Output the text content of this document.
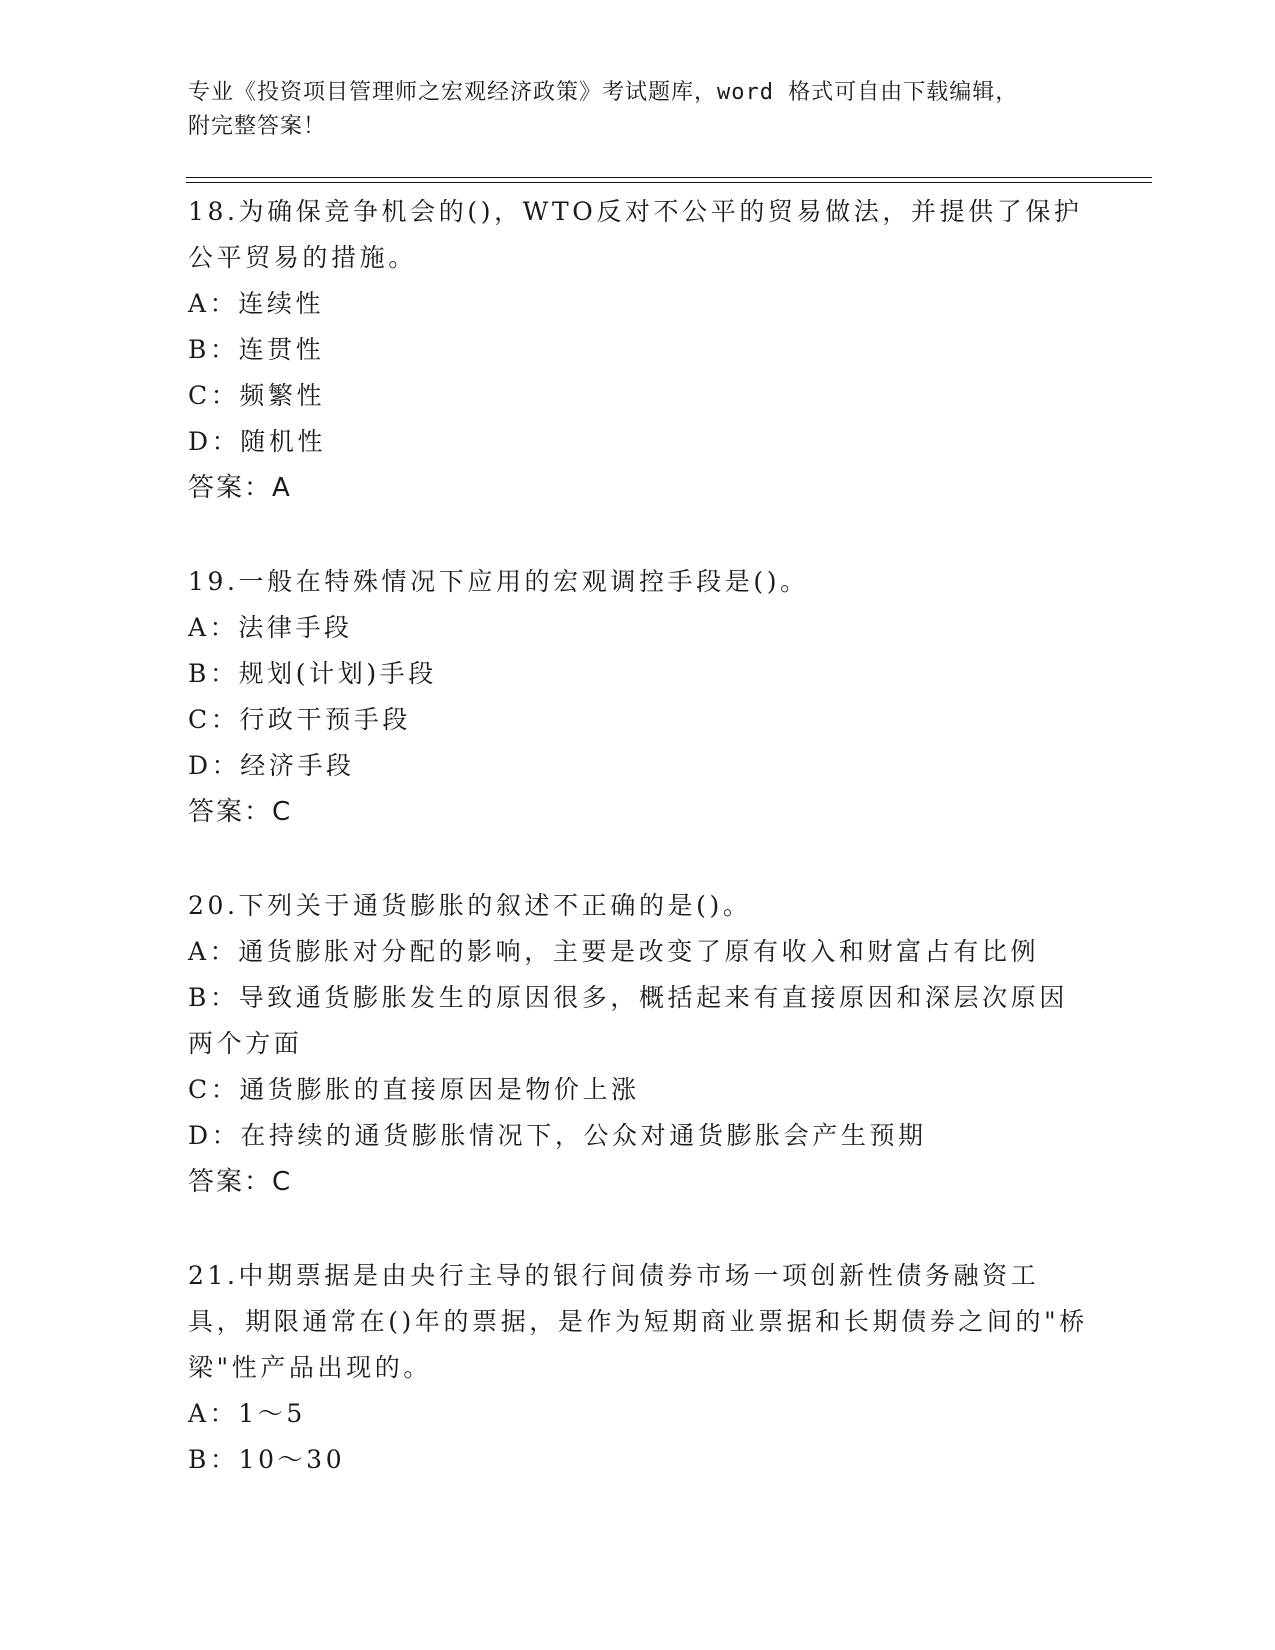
专业《投资项目管理师之宏观经济政策》考试题库，word 格式可自由下载编辑，
附完整答案！

18.为确保竞争机会的()，WTO反对不公平的贸易做法，并提供了保护公平贸易的措施。

A：连续性

B：连贯性

C：频繁性

D：随机性

答案：A

19.一般在特殊情况下应用的宏观调控手段是()。

A：法律手段

B：规划(计划)手段

C：行政干预手段

D：经济手段

答案：C

20.下列关于通货膨胀的叙述不正确的是()。

A：通货膨胀对分配的影响，主要是改变了原有收入和财富占有比例

B：导致通货膨胀发生的原因很多，概括起来有直接原因和深层次原因两个方面

C：通货膨胀的直接原因是物价上涨

D：在持续的通货膨胀情况下，公众对通货膨胀会产生预期

答案：C

21.中期票据是由央行主导的银行间债券市场一项创新性债务融资工具，期限通常在()年的票据，是作为短期商业票据和长期债券之间的"桥梁"性产品出现的。

A：1～5

B：10～30
